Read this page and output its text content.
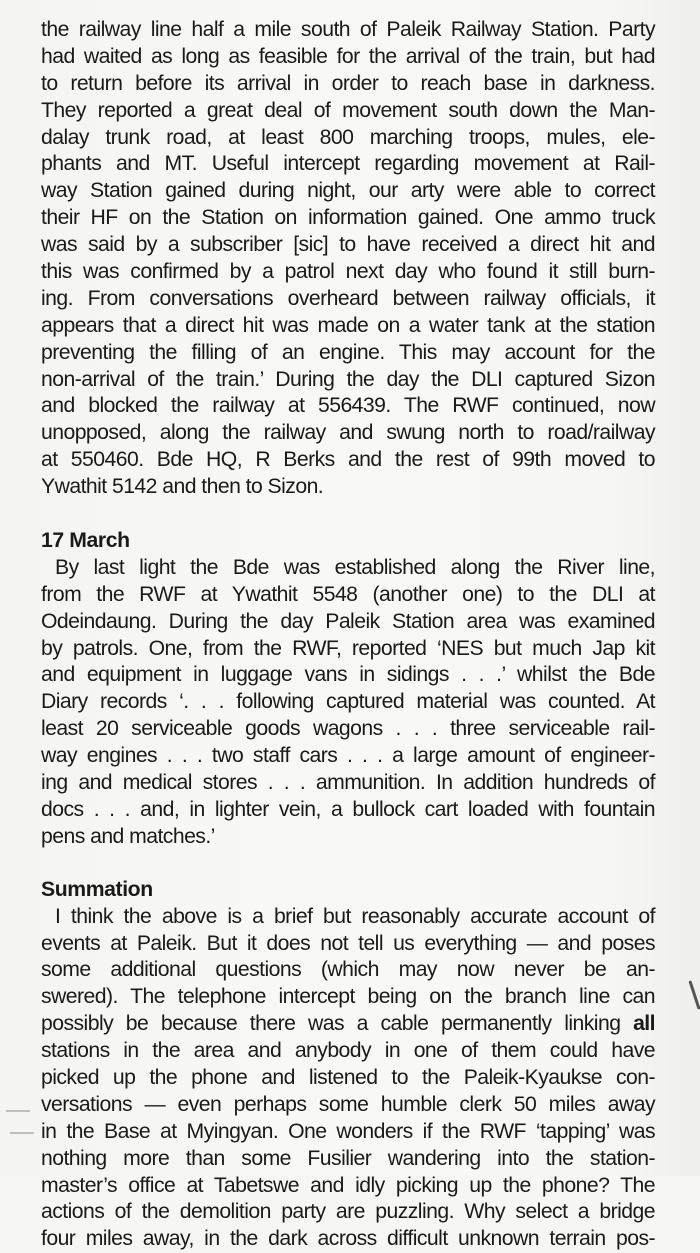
the railway line half a mile south of Paleik Railway Station. Party
had waited as long as feasible for the arrival of the train, but had
to return before its arrival in order to reach base in darkness.
They reported a great deal of movement south down the Man-
dalay trunk road, at least 800 marching troops, mules, ele-
phants and MT. Useful intercept regarding movement at Rail-
way Station gained during night, our arty were able to correct
their HF on the Station on information gained. One ammo truck
was said by a subscriber [sic] to have received a direct hit and
this was confirmed by a patrol next day who found it still burn-
ing. From conversations overheard between railway officials, it
appears that a direct hit was made on a water tank at the station
preventing the filling of an engine. This may account for the
non-arrival of the train.’ During the day the DLI captured Sizon
and blocked the railway at 556439. The RWF continued, now
unopposed, along the railway and swung north to road/railway
at 550460. Bde HQ, R Berks and the rest of 99th moved to
Ywathit 5142 and then to Sizon.
17 March
By last light the Bde was established along the River line,
from the RWF at Ywathit 5548 (another one) to the DLI at
Odeindaung. During the day Paleik Station area was examined
by patrols. One, from the RWF, reported ‘NES but much Jap kit
and equipment in luggage vans in sidings . . .’ whilst the Bde
Diary records ‘. . . following captured material was counted. At
least 20 serviceable goods wagons . . . three serviceable rail-
way engines . . . two staff cars . . . a large amount of engineer-
ing and medical stores . . . ammunition. In addition hundreds of
docs . . . and, in lighter vein, a bullock cart loaded with fountain
pens and matches.’
Summation
I think the above is a brief but reasonably accurate account of
events at Paleik. But it does not tell us everything — and poses
some additional questions (which may now never be an-
swered). The telephone intercept being on the branch line can
possibly be because there was a cable permanently linking all
stations in the area and anybody in one of them could have
picked up the phone and listened to the Paleik-Kyaukse con-
versations — even perhaps some humble clerk 50 miles away
in the Base at Myingyan. One wonders if the RWF ‘tapping’ was
nothing more than some Fusilier wandering into the station-
master’s office at Tabetswe and idly picking up the phone? The
actions of the demolition party are puzzling. Why select a bridge
four miles away, in the dark across difficult unknown terrain pos-
